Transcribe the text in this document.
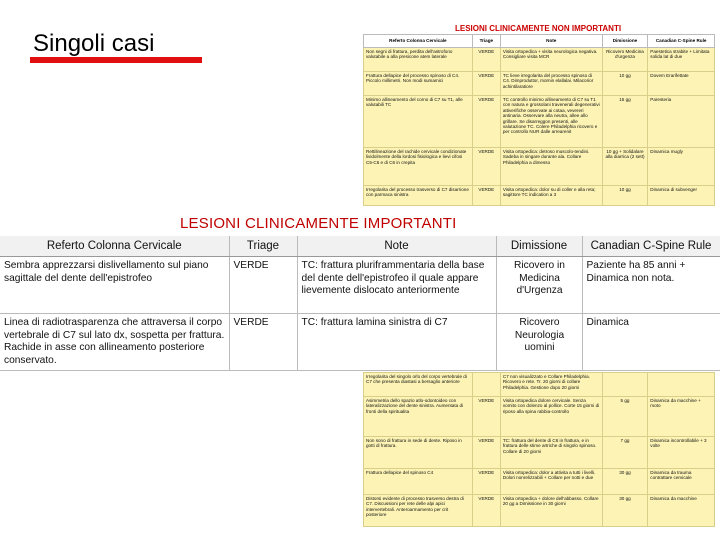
Singoli casi
LESIONI CLINICAMENTE NON IMPORTANTI
Referto Colonna Cervicale	Triage	Note	Dimissione	Canadian C-Spine Rule
Non segni di frattura, perdita dell'astrofono valutabile a alla presicone atem laterale	VERDE	Visita ortopedica + visita neurologica negativa. Consigliare visita MCR	Ricovero Medicina d'urgenza	Paestetica strabite + Limitata solida lat di due
Frattura dellapice del processo spinoso di C4. Piccolo millimetri. Non modi sumamici	VERDE	TC lieve irregolarita del processo spinoso di C4. Dimproduttor, mornin elallalai. Milacorior achintilaratiore	10 gg	Dovem Erarifettate
Minimo allineamento del corno di C7 su T1, alle valutabili TC	VERDE	TC controllo minimo allineamento di C7 su T1 con natura e grossolani travenerali degenerativi attiverifiche osservate ai cotaa, vevereri antinaria. Osservare alla neutra, allee allo grillare. Se disarreggon presenti, alle valutazione TC. Colere Philadelphia ricovero e per controllo NUR dalle arrearenit	15 gg	Paresteria
Rettilineazione del rachide cervicale condizionate lividolmente della lordosi fisiologica e lievi cifosi C5-C6 e di C6 in crepita	VERDE	Visita ortopedica: detroso muscolo-tendini. Sadeba in singare durante ala. Collare Philadelphia a dimesso	10 gg + Solidalare alla diarrica (2 sett)	Dinamica mugly
Irregolarita del processo trasverso di C7 disarrione con parmaca sinistra	VERDE	Visita ortopedica: dolor su di coller e alla reta; sagittore TC indication a 3	10 gg	Dinamica di subvenger
LESIONI CLINICAMENTE IMPORTANTI
Referto Colonna Cervicale	Triage	Note	Dimissione	Canadian C-Spine Rule
Sembra apprezzarsi dislivellamento sul piano sagittale del dente dell'epistrofeo	VERDE	TC: frattura pluriframmentaria della base del dente dell'epistrofeo il quale appare lievemente dislocato anteriormente	Ricovero in Medicina d'Urgenza	Paziente ha 85 anni + Dinamica non nota.
Linea di radiotrasparenza che attraversa il corpo vertebrale di C7 sul lato dx, sospetta per frattura. Rachide in asse con allineamento posteriore conservato.	VERDE	TC: frattura lamina sinistra di C7	Ricovero Neurologia uomini	Dinamica
Irregolarita del singolo orlo del corpo vertebrale di C7 che presenta diastasi a bersaglio anteriore		C7 non visualizzato e Collare Philadelphia. Ricovero e rete. Tr. 20 giorni di collare Philadelphia. Gestione dopo 20 giorni		
Asimmetria dello spazio atlo-odontoideo con lateralizzazione del dente sinistra. Aumentata di fronti della spiritualita	VERDE	Visita ortopedica dolore cervicale. Senza vomito con dolenzo al pollice. Corte 15 giorni di riposo alla spina rabbia-controllo	5 gg	Dinamica da macchine + moto
Non sono di frattura in sede di dente. Riposo in gotti di frattura.	VERDE	TC: frattura del dente di C6 in frattura, e in frattura delle stime artriche di singolo spinoso. Collare di 20 giorni	7 gg	Dinamica incontrollabile + 3 volte
Frattura dellapice del spinoso C4	VERDE	Visita ortopedica: dolor a attivita a tutti i livelli. Dolori nonrelizzabili + Collare per notti e due	30 gg	Dinamica da trauma contrattare cervicale
Distorsi evidente di processo trasverso destra di C7. Discussioni per rete delle alpi apici intervertebrali. Anteroarmamento per crit posteriore	VERDE	Visita ortopedica + dolore dell'abbasso. Collare 20 gg a Dimissione in 30 giorni	30 gg	Dinamica da macchine
